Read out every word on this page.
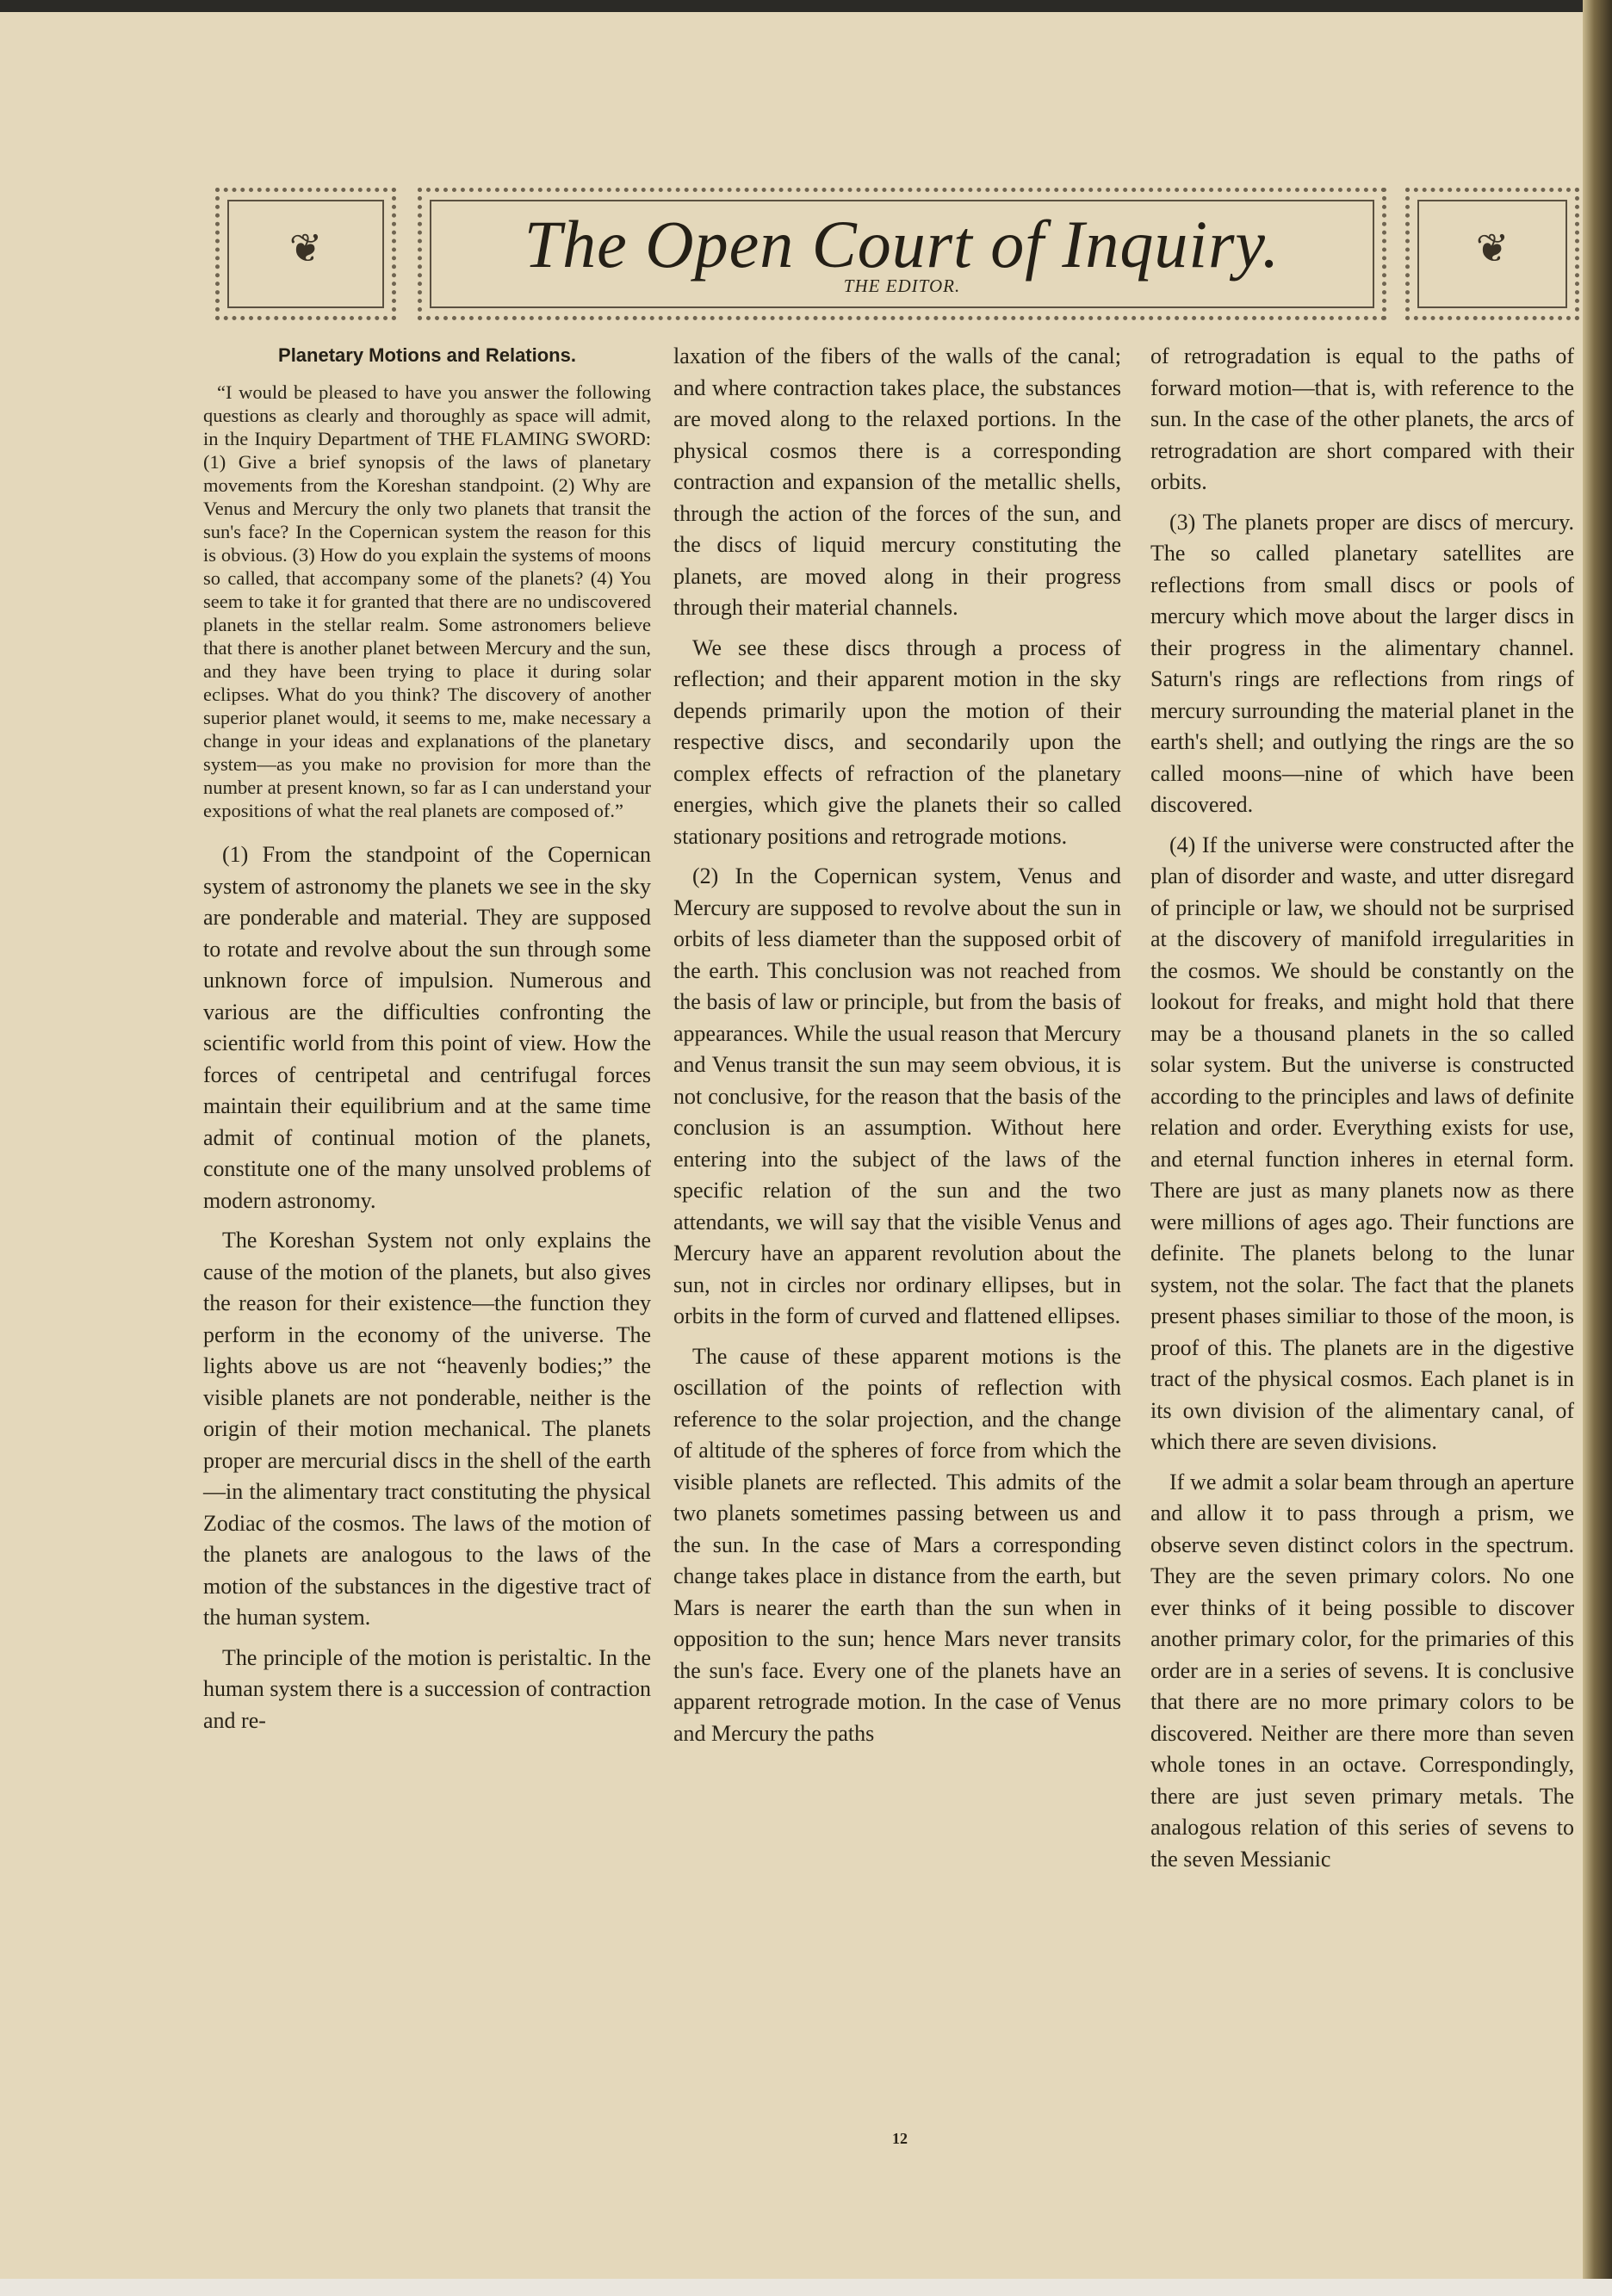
❦	The Open Court of Inquiry.
THE EDITOR.
❦
Planetary Motions and Relations.

“I would be pleased to have you answer the following questions as clearly and thoroughly as space will admit, in the Inquiry Department of THE FLAMING SWORD: (1) Give a brief synopsis of the laws of planetary movements from the Koreshan standpoint. (2) Why are Venus and Mercury the only two planets that transit the sun's face? In the Copernican system the reason for this is obvious. (3) How do you explain the systems of moons so called, that accompany some of the planets? (4) You seem to take it for granted that there are no undiscovered planets in the stellar realm. Some astronomers believe that there is another planet between Mercury and the sun, and they have been trying to place it during solar eclipses. What do you think? The discovery of another superior planet would, it seems to me, make necessary a change in your ideas and explanations of the planetary system—as you make no provision for more than the number at present known, so far as I can understand your expositions of what the real planets are composed of.”

(1) From the standpoint of the Copernican system of astronomy the planets we see in the sky are ponderable and material. They are supposed to rotate and revolve about the sun through some unknown force of impulsion. Numerous and various are the difficulties confronting the scientific world from this point of view. How the forces of centripetal and centrifugal forces maintain their equilibrium and at the same time admit of continual motion of the planets, constitute one of the many unsolved problems of modern astronomy.

The Koreshan System not only explains the cause of the motion of the planets, but also gives the reason for their existence—the function they perform in the economy of the universe. The lights above us are not “heavenly bodies;” the visible planets are not ponderable, neither is the origin of their motion mechanical. The planets proper are mercurial discs in the shell of the earth—in the alimentary tract constituting the physical Zodiac of the cosmos. The laws of the motion of the planets are analogous to the laws of the motion of the substances in the digestive tract of the human system.

The principle of the motion is peristaltic. In the human system there is a succession of contraction and re-

laxation of the fibers of the walls of the canal; and where contraction takes place, the substances are moved along to the relaxed portions. In the physical cosmos there is a corresponding contraction and expansion of the metallic shells, through the action of the forces of the sun, and the discs of liquid mercury constituting the planets, are moved along in their progress through their material channels.

We see these discs through a process of reflection; and their apparent motion in the sky depends primarily upon the motion of their respective discs, and secondarily upon the complex effects of refraction of the planetary energies, which give the planets their so called stationary positions and retrograde motions.

(2) In the Copernican system, Venus and Mercury are supposed to revolve about the sun in orbits of less diameter than the supposed orbit of the earth. This conclusion was not reached from the basis of law or principle, but from the basis of appearances. While the usual reason that Mercury and Venus transit the sun may seem obvious, it is not conclusive, for the reason that the basis of the conclusion is an assumption. Without here entering into the subject of the laws of the specific relation of the sun and the two attendants, we will say that the visible Venus and Mercury have an apparent revolution about the sun, not in circles nor ordinary ellipses, but in orbits in the form of curved and flattened ellipses.

The cause of these apparent motions is the oscillation of the points of reflection with reference to the solar projection, and the change of altitude of the spheres of force from which the visible planets are reflected. This admits of the two planets sometimes passing between us and the sun. In the case of Mars a corresponding change takes place in distance from the earth, but Mars is nearer the earth than the sun when in opposition to the sun; hence Mars never transits the sun's face. Every one of the planets have an apparent retrograde motion. In the case of Venus and Mercury the paths

of retrogradation is equal to the paths of forward motion—that is, with reference to the sun. In the case of the other planets, the arcs of retrogradation are short compared with their orbits.

(3) The planets proper are discs of mercury. The so called planetary satellites are reflections from small discs or pools of mercury which move about the larger discs in their progress in the alimentary channel. Saturn's rings are reflections from rings of mercury surrounding the material planet in the earth's shell; and outlying the rings are the so called moons—nine of which have been discovered.

(4) If the universe were constructed after the plan of disorder and waste, and utter disregard of principle or law, we should not be surprised at the discovery of manifold irregularities in the cosmos. We should be constantly on the lookout for freaks, and might hold that there may be a thousand planets in the so called solar system. But the universe is constructed according to the principles and laws of definite relation and order. Everything exists for use, and eternal function inheres in eternal form. There are just as many planets now as there were millions of ages ago. Their functions are definite. The planets belong to the lunar system, not the solar. The fact that the planets present phases similiar to those of the moon, is proof of this. The planets are in the digestive tract of the physical cosmos. Each planet is in its own division of the alimentary canal, of which there are seven divisions.

If we admit a solar beam through an aperture and allow it to pass through a prism, we observe seven distinct colors in the spectrum. They are the seven primary colors. No one ever thinks of it being possible to discover another primary color, for the primaries of this order are in a series of sevens. It is conclusive that there are no more primary colors to be discovered. Neither are there more than seven whole tones in an octave. Correspondingly, there are just seven primary metals. The analogous relation of this series of sevens to the seven Messianic

12
